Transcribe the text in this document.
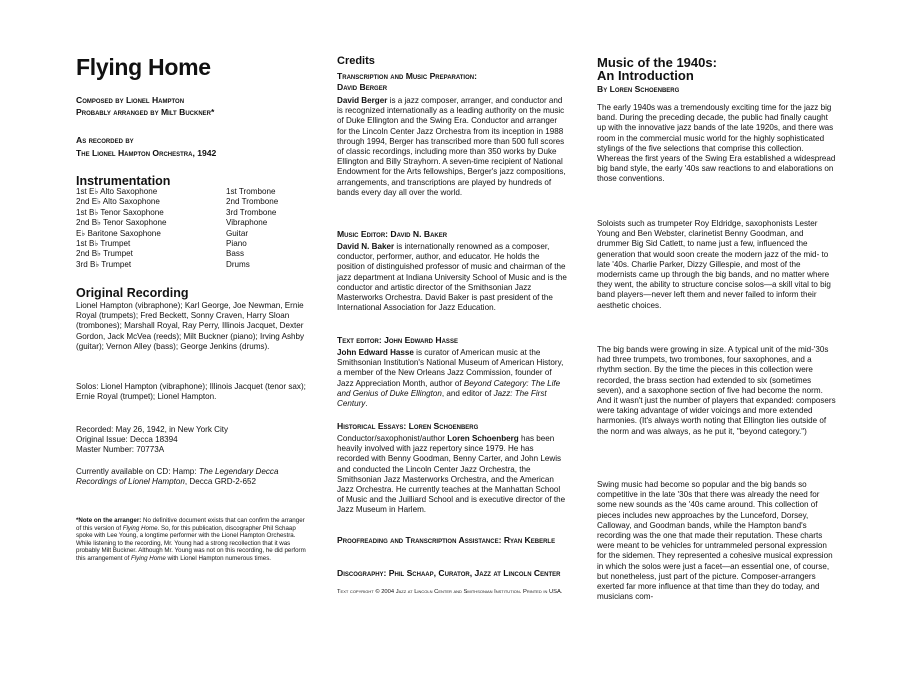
Flying Home
Composed by Lionel Hampton
Probably arranged by Milt Buckner*
As recorded by
The Lionel Hampton Orchestra, 1942
Instrumentation
1st E♭ Alto Saxophone
2nd E♭ Alto Saxophone
1st B♭ Tenor Saxophone
2nd B♭ Tenor Saxophone
E♭ Baritone Saxophone
1st B♭ Trumpet
2nd B♭ Trumpet
3rd B♭ Trumpet
1st Trombone
2nd Trombone
3rd Trombone
Vibraphone
Guitar
Piano
Bass
Drums
Original Recording

Lionel Hampton (vibraphone); Karl George, Joe Newman, Ernie Royal (trumpets); Fred Beckett, Sonny Craven, Harry Sloan (trombones); Marshall Royal, Ray Perry, Illinois Jacquet, Dexter Gordon, Jack McVea (reeds); Milt Buckner (piano); Irving Ashby (guitar); Vernon Alley (bass); George Jenkins (drums).

Solos: Lionel Hampton (vibraphone); Illinois Jacquet (tenor sax); Ernie Royal (trumpet); Lionel Hampton.

Recorded: May 26, 1942, in New York City
Original Issue: Decca 18394
Master Number: 70773A

Currently available on CD: Hamp: The Legendary Decca Recordings of Lionel Hampton, Decca GRD-2-652

*Note on the arranger: No definitive document exists that can confirm the arranger of this version of Flying Home. So, for this publication, discographer Phil Schaap spoke with Lee Young, a longtime performer with the Lionel Hampton Orchestra. While listening to the recording, Mr. Young had a strong recollection that it was probably Milt Buckner. Although Mr. Young was not on this recording, he did perform this arrangement of Flying Home with Lionel Hampton numerous times.

Credits
Transcription and Music Preparation:
David Berger

David Berger is a jazz composer, arranger, and conductor and is recognized internationally as a leading authority on the music of Duke Ellington and the Swing Era. Conductor and arranger for the Lincoln Center Jazz Orchestra from its inception in 1988 through 1994, Berger has transcribed more than 500 full scores of classic recordings, including more than 350 works by Duke Ellington and Billy Strayhorn. A seven-time recipient of National Endowment for the Arts fellowships, Berger's jazz compositions, arrangements, and transcriptions are played by hundreds of bands every day all over the world.

Music Editor: David N. Baker

David N. Baker is internationally renowned as a composer, conductor, performer, author, and educator. He holds the position of distinguished professor of music and chairman of the jazz department at Indiana University School of Music and is the conductor and artistic director of the Smithsonian Jazz Masterworks Orchestra. David Baker is past president of the International Association for Jazz Education.

Text editor: John Edward Hasse

John Edward Hasse is curator of American music at the Smithsonian Institution's National Museum of American History, a member of the New Orleans Jazz Commission, founder of Jazz Appreciation Month, author of Beyond Category: The Life and Genius of Duke Ellington, and editor of Jazz: The First Century.

Historical Essays: Loren Schoenberg

Conductor/saxophonist/author Loren Schoenberg has been heavily involved with jazz repertory since 1979. He has recorded with Benny Goodman, Benny Carter, and John Lewis and conducted the Lincoln Center Jazz Orchestra, the Smithsonian Jazz Masterworks Orchestra, and the American Jazz Orchestra. He currently teaches at the Manhattan School of Music and the Juilliard School and is executive director of the Jazz Museum in Harlem.

Proofreading and Transcription Assistance: Ryan Keberle
Discography: Phil Schaap, Curator, Jazz at Lincoln Center
Text copyright © 2004 Jazz at Lincoln Center and Smithsonian Institution. Printed in USA.
Music of the 1940s:
An Introduction
By Loren Schoenberg

The early 1940s was a tremendously exciting time for the jazz big band. During the preceding decade, the public had finally caught up with the innovative jazz bands of the late 1920s, and there was room in the commercial music world for the highly sophisticated stylings of the five selections that comprise this collection. Whereas the first years of the Swing Era established a widespread big band style, the early '40s saw reactions to and elaborations on those conventions.

Soloists such as trumpeter Roy Eldridge, saxophonists Lester Young and Ben Webster, clarinetist Benny Goodman, and drummer Big Sid Catlett, to name just a few, influenced the generation that would soon create the modern jazz of the mid- to late '40s. Charlie Parker, Dizzy Gillespie, and most of the modernists came up through the big bands, and no matter where they went, the ability to structure concise solos—a skill vital to big band players—never left them and never failed to inform their aesthetic choices.

The big bands were growing in size. A typical unit of the mid-'30s had three trumpets, two trombones, four saxophones, and a rhythm section. By the time the pieces in this collection were recorded, the brass section had extended to six (sometimes seven), and a saxophone section of five had become the norm. And it wasn't just the number of players that expanded: composers were taking advantage of wider voicings and more extended harmonies. (It's always worth noting that Ellington lies outside of the norm and was always, as he put it, "beyond category.")

Swing music had become so popular and the big bands so competitive in the late '30s that there was already the need for some new sounds as the '40s came around. This collection of pieces includes new approaches by the Lunceford, Dorsey, Calloway, and Goodman bands, while the Hampton band's recording was the one that made their reputation. These charts were meant to be vehicles for untrammeled personal expression for the sidemen. They represented a cohesive musical expression in which the solos were just a facet—an essential one, of course, but nonetheless, just part of the picture. Composer-arrangers exerted far more influence at that time than they do today, and musicians com-
